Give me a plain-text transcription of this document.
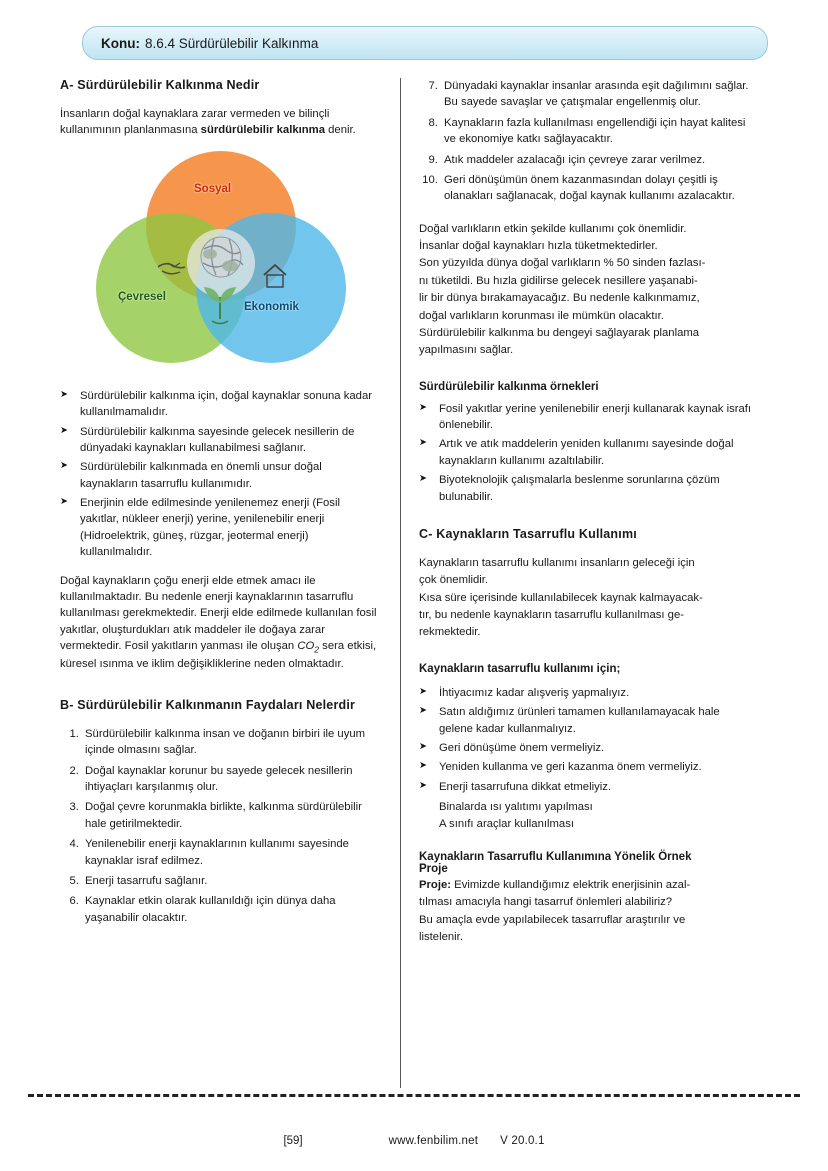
Konu: 8.6.4 Sürdürülebilir Kalkınma
A- Sürdürülebilir Kalkınma Nedir

İnsanların doğal kaynaklara zarar vermeden ve bilinçli kullanımının planlanmasına sürdürülebilir kalkınma denir.

Sosyal
Çevresel
Ekonomik
➤ Sürdürülebilir kalkınma için, doğal kaynaklar sonuna kadar kullanılmamalıdır.
➤ Sürdürülebilir kalkınma sayesinde gelecek nesillerin de dünyadaki kaynakları kullanabilmesi sağlanır.
➤ Sürdürülebilir kalkınmada en önemli unsur doğal kaynakların tasarruflu kullanımıdır.
➤ Enerjinin elde edilmesinde yenilenemez enerji (Fosil yakıtlar, nükleer enerji) yerine, yenilenebilir enerji (Hidroelektrik, güneş, rüzgar, jeotermal enerji) kullanılmalıdır.

Doğal kaynakların çoğu enerji elde etmek amacı ile kullanılmaktadır. Bu nedenle enerji kaynaklarının tasarruflu kullanılması gerekmektedir. Enerji elde edilmede kullanılan fosil yakıtlar, oluşturdukları atık maddeler ile doğaya zarar vermektedir. Fosil yakıtların yanması ile oluşan $CO_2$ sera etkisi, küresel ısınma ve iklim değişikliklerine neden olmaktadır.

B- Sürdürülebilir Kalkınmanın Faydaları Nelerdir
1. Sürdürülebilir kalkınma insan ve doğanın birbiri ile uyum içinde olmasını sağlar.
2. Doğal kaynaklar korunur bu sayede gelecek nesillerin ihtiyaçları karşılanmış olur.
3. Doğal çevre korunmakla birlikte, kalkınma sürdürülebilir hale getirilmektedir.
4. Yenilenebilir enerji kaynaklarının kullanımı sayesinde kaynaklar israf edilmez.
5. Enerji tasarrufu sağlanır.
6. Kaynaklar etkin olarak kullanıldığı için dünya daha yaşanabilir olacaktır.
7. Dünyadaki kaynaklar insanlar arasında eşit dağılımını sağlar. Bu sayede savaşlar ve çatışmalar engellenmiş olur.
8. Kaynakların fazla kullanılması engellendiği için hayat kalitesi ve ekonomiye katkı sağlayacaktır.
9. Atık maddeler azalacağı için çevreye zarar verilmez.
10. Geri dönüşümün önem kazanmasından dolayı çeşitli iş olanakları sağlanacak, doğal kaynak kullanımı azalacaktır.
Doğal varlıkların etkin şekilde kullanımı çok önemlidir.
İnsanlar doğal kaynakları hızla tüketmektedirler.
Son yüzyılda dünya doğal varlıkların % 50 sinden fazlası-
nı tüketildi. Bu hızla gidilirse gelecek nesillere yaşanabi-
lir bir dünya bırakamayacağız. Bu nedenle kalkınmamız,
doğal varlıkların korunması ile mümkün olacaktır.
Sürdürülebilir kalkınma bu dengeyi sağlayarak planlama
yapılmasını sağlar.
Sürdürülebilir kalkınma örnekleri
➤ Fosil yakıtlar yerine yenilenebilir enerji kullanarak kaynak israfı önlenebilir.
➤ Artık ve atık maddelerin yeniden kullanımı sayesinde doğal kaynakların kullanımı azaltılabilir.
➤ Biyoteknolojik çalışmalarla beslenme sorunlarına çözüm bulunabilir.
C- Kaynakların Tasarruflu Kullanımı
Kaynakların tasarruflu kullanımı insanların geleceği için
çok önemlidir.
Kısa süre içerisinde kullanılabilecek kaynak kalmayacak-
tır, bu nedenle kaynakların tasarruflu kullanılması ge-
rekmektedir.
Kaynakların tasarruflu kullanımı için;
➤ İhtiyacımız kadar alışveriş yapmalıyız.
➤ Satın aldığımız ürünleri tamamen kullanılamayacak hale gelene kadar kullanmalıyız.
➤ Geri dönüşüme önem vermeliyiz.
➤ Yeniden kullanma ve geri kazanma önem vermeliyiz.
➤ Enerji tasarrufuna dikkat etmeliyiz.
Binalarda ısı yalıtımı yapılması
A sınıfı araçlar kullanılması
Kaynakların Tasarruflu Kullanımına Yönelik Örnek
Proje
Proje: Evimizde kullandığımız elektrik enerjisinin azal-
tılması amacıyla hangi tasarruf önlemleri alabiliriz?
Bu amaçla evde yapılabilecek tasarruflar araştırılır ve
listelenir.
[59]	www.fenbilim.net V 20.0.1
